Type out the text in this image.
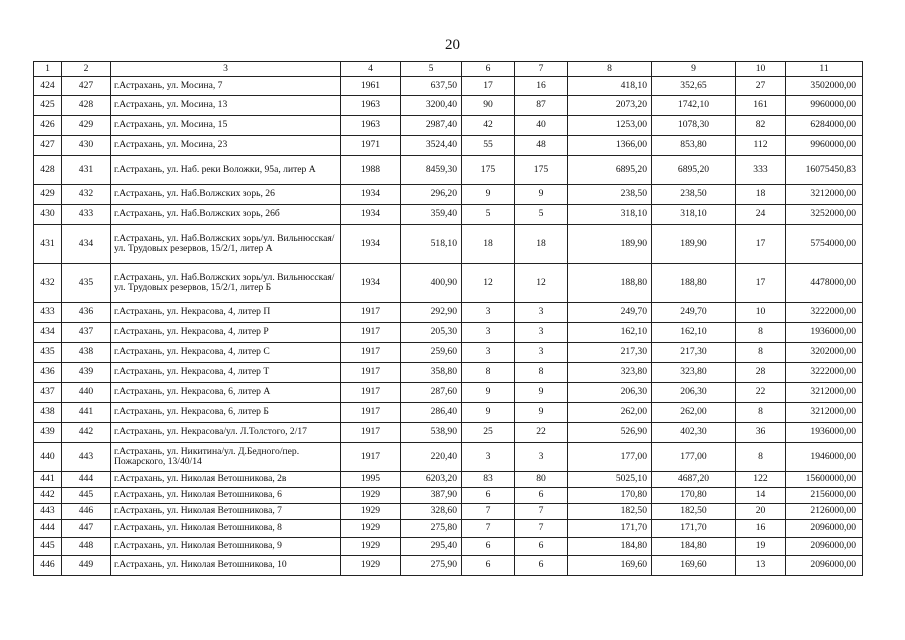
20
1	2	3	4	5	6	7	8	9	10	11
424	427	г.Астрахань, ул. Мосина, 7	1961	637,50	17	16	418,10	352,65	27	3502000,00
425	428	г.Астрахань, ул. Мосина, 13	1963	3200,40	90	87	2073,20	1742,10	161	9960000,00
426	429	г.Астрахань, ул. Мосина, 15	1963	2987,40	42	40	1253,00	1078,30	82	6284000,00
427	430	г.Астрахань, ул. Мосина, 23	1971	3524,40	55	48	1366,00	853,80	112	9960000,00
428	431	г.Астрахань, ул. Наб. реки Воложки, 95а, литер А	1988	8459,30	175	175	6895,20	6895,20	333	16075450,83
429	432	г.Астрахань, ул. Наб.Волжских зорь, 26	1934	296,20	9	9	238,50	238,50	18	3212000,00
430	433	г.Астрахань, ул. Наб.Волжских зорь, 26б	1934	359,40	5	5	318,10	318,10	24	3252000,00
431	434	г.Астрахань, ул. Наб.Волжских зорь/ул. Вильнюсская/ ул. Трудовых резервов, 15/2/1, литер А	1934	518,10	18	18	189,90	189,90	17	5754000,00
432	435	г.Астрахань, ул. Наб.Волжских зорь/ул. Вильнюсская/ул. Трудовых резервов, 15/2/1, литер Б	1934	400,90	12	12	188,80	188,80	17	4478000,00
433	436	г.Астрахань, ул. Некрасова, 4, литер П	1917	292,90	3	3	249,70	249,70	10	3222000,00
434	437	г.Астрахань, ул. Некрасова, 4, литер Р	1917	205,30	3	3	162,10	162,10	8	1936000,00
435	438	г.Астрахань, ул. Некрасова, 4, литер С	1917	259,60	3	3	217,30	217,30	8	3202000,00
436	439	г.Астрахань, ул. Некрасова, 4, литер Т	1917	358,80	8	8	323,80	323,80	28	3222000,00
437	440	г.Астрахань, ул. Некрасова, 6, литер А	1917	287,60	9	9	206,30	206,30	22	3212000,00
438	441	г.Астрахань, ул. Некрасова, 6, литер Б	1917	286,40	9	9	262,00	262,00	8	3212000,00
439	442	г.Астрахань, ул. Некрасова/ул. Л.Толстого, 2/17	1917	538,90	25	22	526,90	402,30	36	1936000,00
440	443	г.Астрахань, ул. Никитина/ул. Д.Бедного/пер. Пожарского, 13/40/14	1917	220,40	3	3	177,00	177,00	8	1946000,00
441	444	г.Астрахань, ул. Николая Ветошникова, 2в	1995	6203,20	83	80	5025,10	4687,20	122	15600000,00
442	445	г.Астрахань, ул. Николая Ветошникова, 6	1929	387,90	6	6	170,80	170,80	14	2156000,00
443	446	г.Астрахань, ул. Николая Ветошникова, 7	1929	328,60	7	7	182,50	182,50	20	2126000,00
444	447	г.Астрахань, ул. Николая Ветошникова, 8	1929	275,80	7	7	171,70	171,70	16	2096000,00
445	448	г.Астрахань, ул. Николая Ветошникова, 9	1929	295,40	6	6	184,80	184,80	19	2096000,00
446	449	г.Астрахань, ул. Николая Ветошникова, 10	1929	275,90	6	6	169,60	169,60	13	2096000,00
